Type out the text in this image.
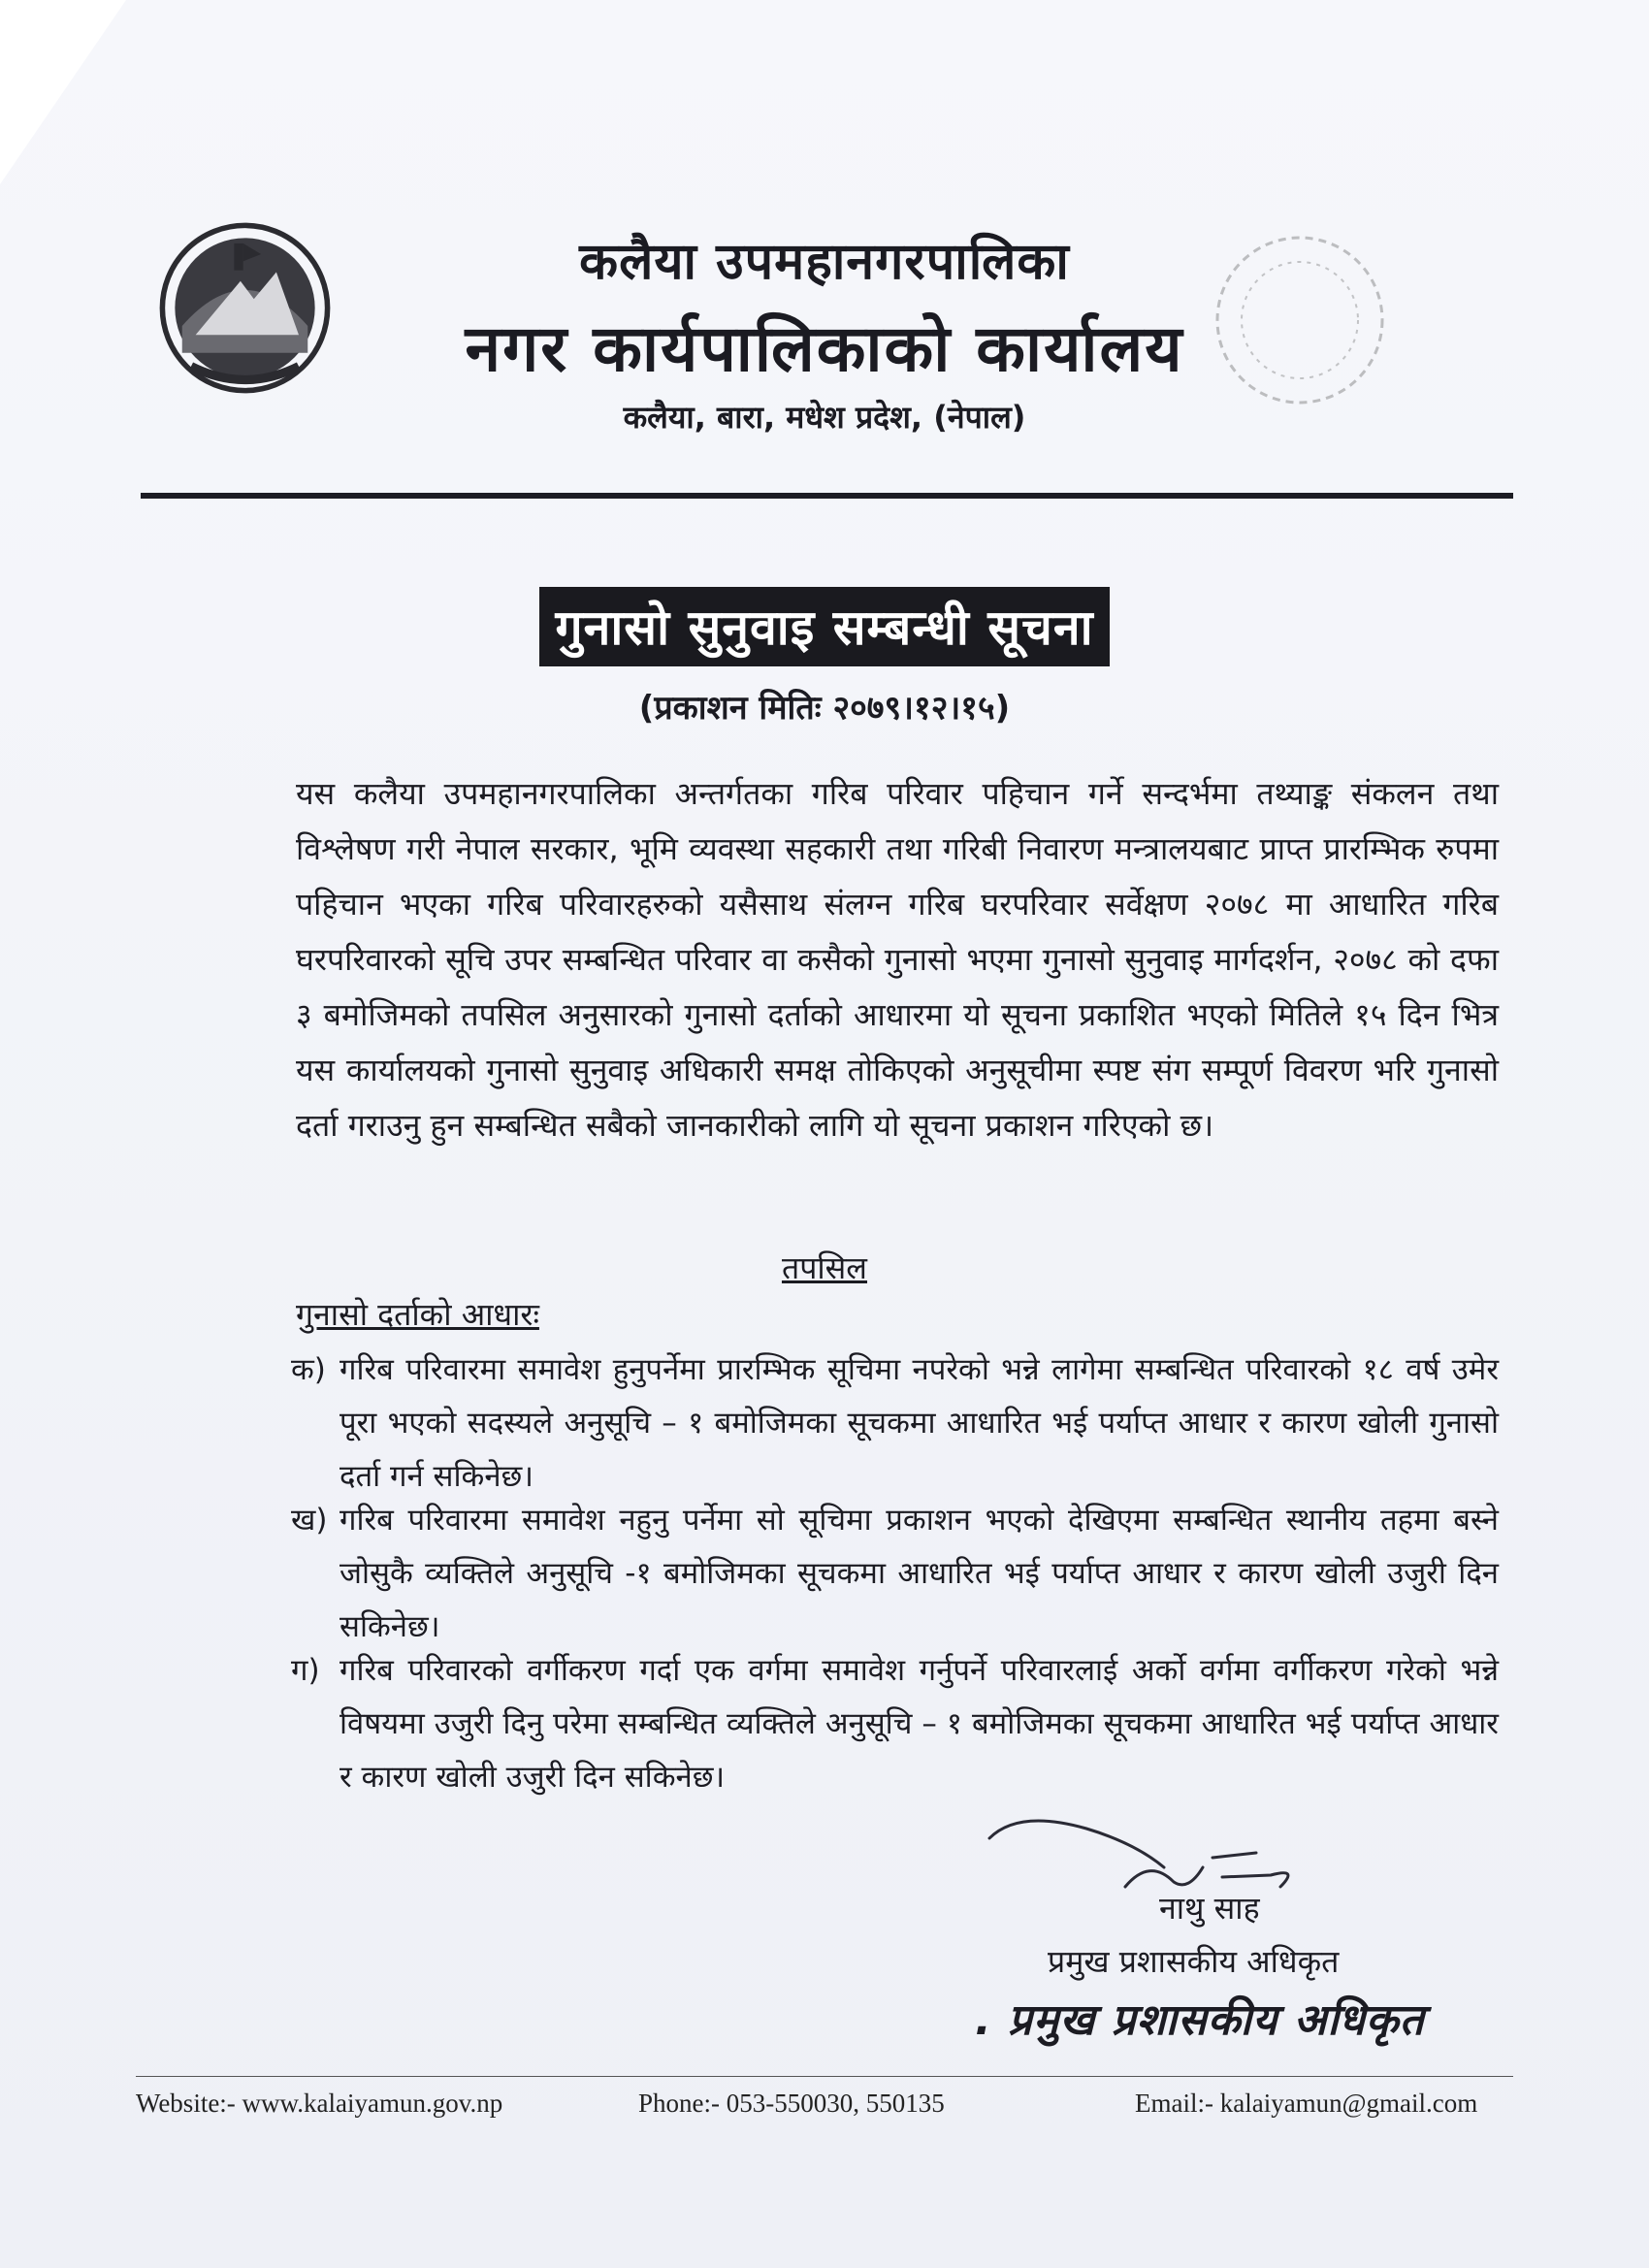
कलैया उपमहानगरपालिका
नगर कार्यपालिकाको कार्यालय
कलैया, बारा, मधेश प्रदेश, (नेपाल)
गुनासो सुनुवाइ सम्बन्धी सूचना
(प्रकाशन मितिः २०७९।१२।१५)
यस कलैया उपमहानगरपालिका अन्तर्गतका गरिब परिवार पहिचान गर्ने सन्दर्भमा तथ्याङ्क संकलन तथा विश्लेषण गरी नेपाल सरकार, भूमि व्यवस्था सहकारी तथा गरिबी निवारण मन्त्रालयबाट प्राप्त प्रारम्भिक रुपमा पहिचान भएका गरिब परिवारहरुको यसैसाथ संलग्न गरिब घरपरिवार सर्वेक्षण २०७८ मा आधारित गरिब घरपरिवारको सूचि उपर सम्बन्धित परिवार वा कसैको गुनासो भएमा गुनासो सुनुवाइ मार्गदर्शन, २०७८ को दफा ३ बमोजिमको तपसिल अनुसारको गुनासो दर्ताको आधारमा यो सूचना प्रकाशित भएको मितिले १५ दिन भित्र यस कार्यालयको गुनासो सुनुवाइ अधिकारी समक्ष तोकिएको अनुसूचीमा स्पष्ट संग सम्पूर्ण विवरण भरि गुनासो दर्ता गराउनु हुन सम्बन्धित सबैको जानकारीको लागि यो सूचना प्रकाशन गरिएको छ।
तपसिल
गुनासो दर्ताको आधारः
क) गरिब परिवारमा समावेश हुनुपर्नेमा प्रारम्भिक सूचिमा नपरेको भन्ने लागेमा सम्बन्धित परिवारको १८ वर्ष उमेर पूरा भएको सदस्यले अनुसूचि – १ बमोजिमका सूचकमा आधारित भई पर्याप्त आधार र कारण खोली गुनासो दर्ता गर्न सकिनेछ।
ख) गरिब परिवारमा समावेश नहुनु पर्नेमा सो सूचिमा प्रकाशन भएको देखिएमा सम्बन्धित स्थानीय तहमा बस्ने जोसुकै व्यक्तिले अनुसूचि -१ बमोजिमका सूचकमा आधारित भई पर्याप्त आधार र कारण खोली उजुरी दिन सकिनेछ।
ग) गरिब परिवारको वर्गीकरण गर्दा एक वर्गमा समावेश गर्नुपर्ने परिवारलाई अर्को वर्गमा वर्गीकरण गरेको भन्ने विषयमा उजुरी दिनु परेमा सम्बन्धित व्यक्तिले अनुसूचि – १ बमोजिमका सूचकमा आधारित भई पर्याप्त आधार र कारण खोली उजुरी दिन सकिनेछ।
नाथु साह
प्रमुख प्रशासकीय अधिकृत
. प्रमुख प्रशासकीय अधिकृत
Website:- www.kalaiyamun.gov.np	Phone:- 053-550030, 550135	Email:- kalaiyamun@gmail.com
